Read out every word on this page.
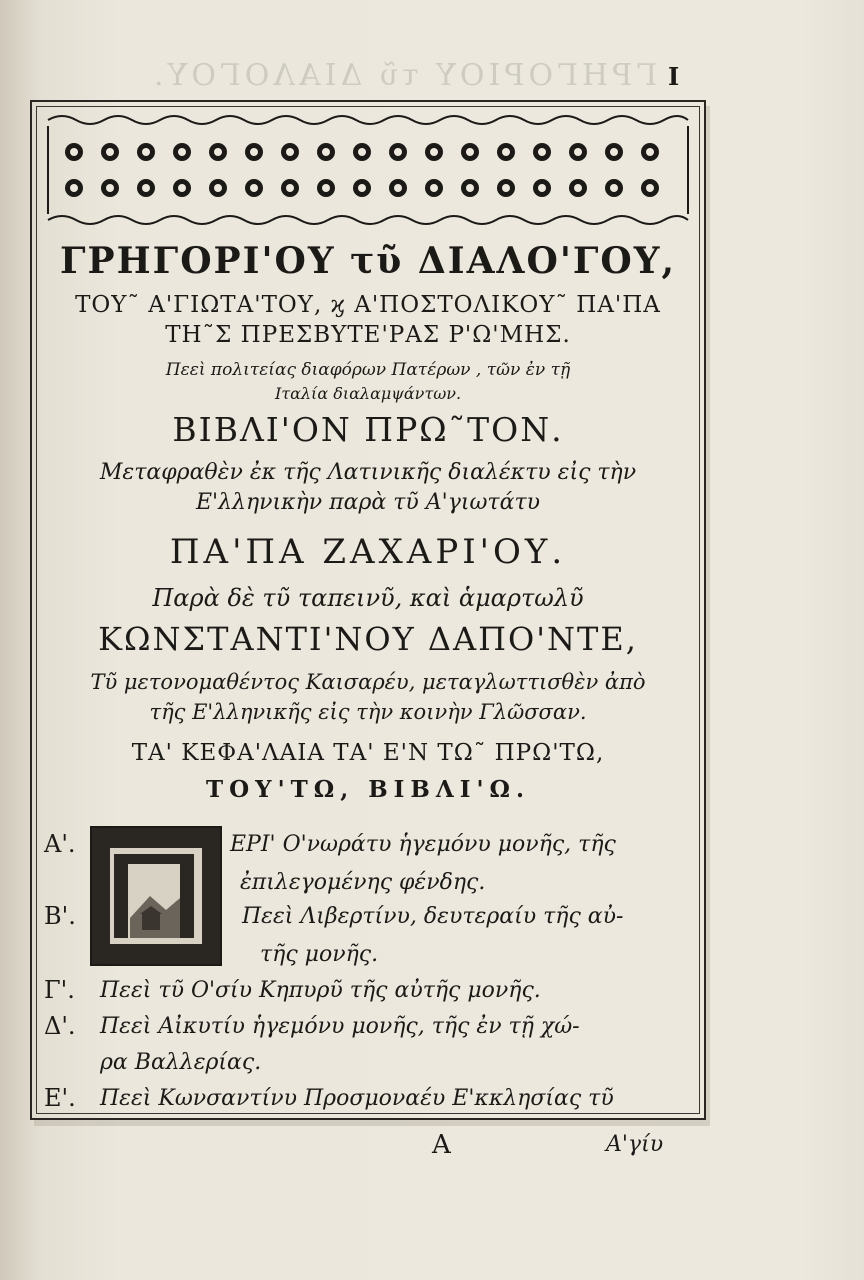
ΓΡΗΓΟΡΙΟΥ τῦ ΔΙΑΛΟΓΟΥ. I
ΓΡΗΓΟΡΙ'ΟΥ τῦ ΔΙΑΛΟ'ΓΟΥ,
ΤΟΥ˜ Α'ΓΙΩΤΑ'ΤΟΥ, ϗ Α'ΠΟΣΤΟΛΙΚΟΥ˜ ΠΑ'ΠΑ
ΤΗ˜Σ ΠΡΕΣΒΥΤΕ'ΡΑΣ Ρ'Ω'ΜΗΣ.
Πεεὶ πολιτείας διαφόρων Πατέρων , τῶν ἐν τῇ
Ιταλία διαλαμψάντων.
ΒΙΒΛΙ'ΟΝ ΠΡΩ˜ΤΟΝ.
Μεταφραθὲν ἐκ τῆς Λατινικῆς διαλέκτυ εἰς τὴν
Ε'λληνικὴν παρὰ τῦ Α'γιωτάτυ
ΠΑ'ΠΑ ΖΑΧΑΡΙ'ΟΥ.
Παρὰ δὲ τῦ ταπεινῦ, καὶ ἁμαρτωλῦ
ΚΩΝΣΤΑΝΤΙ'ΝΟΥ ΔΑΠΟ'ΝΤΕ,
Τῦ μετονομαθέντος Καισαρέυ, μεταγλωττισθὲν ἀπὸ
τῆς Ε'λληνικῆς εἰς τὴν κοινὴν Γλῶσσαν.
ΤΑ' ΚΕΦΑ'ΛΑΙΑ ΤΑ' Ε'Ν ΤΩ˜ ΠΡΩ'ΤΩ,
ΤΟΥ'ΤΩ, ΒΙΒΛΙ'Ω.
Α'.	ΕΡΙ' Ο'νωράτυ ἡγεμόνυ μονῆς, τῆς
ἐπιλεγομένης φένδης.
Β'.	Πεεὶ Λιβερτίνυ, δευτεραίυ τῆς αὐ-
τῆς μονῆς.
Γ'. Πεεὶ τῦ Ο'σίυ Κηπυρῦ τῆς αὐτῆς μονῆς.
Δ'. Πεεὶ Αἰκυτίυ ἡγεμόνυ μονῆς, τῆς ἐν τῇ χώ-
ρα Βαλλερίας.
Ε'. Πεεὶ Κωνσαντίνυ Προσμοναέυ Ε'κκλησίας τῦ
Α	Α'γίυ
